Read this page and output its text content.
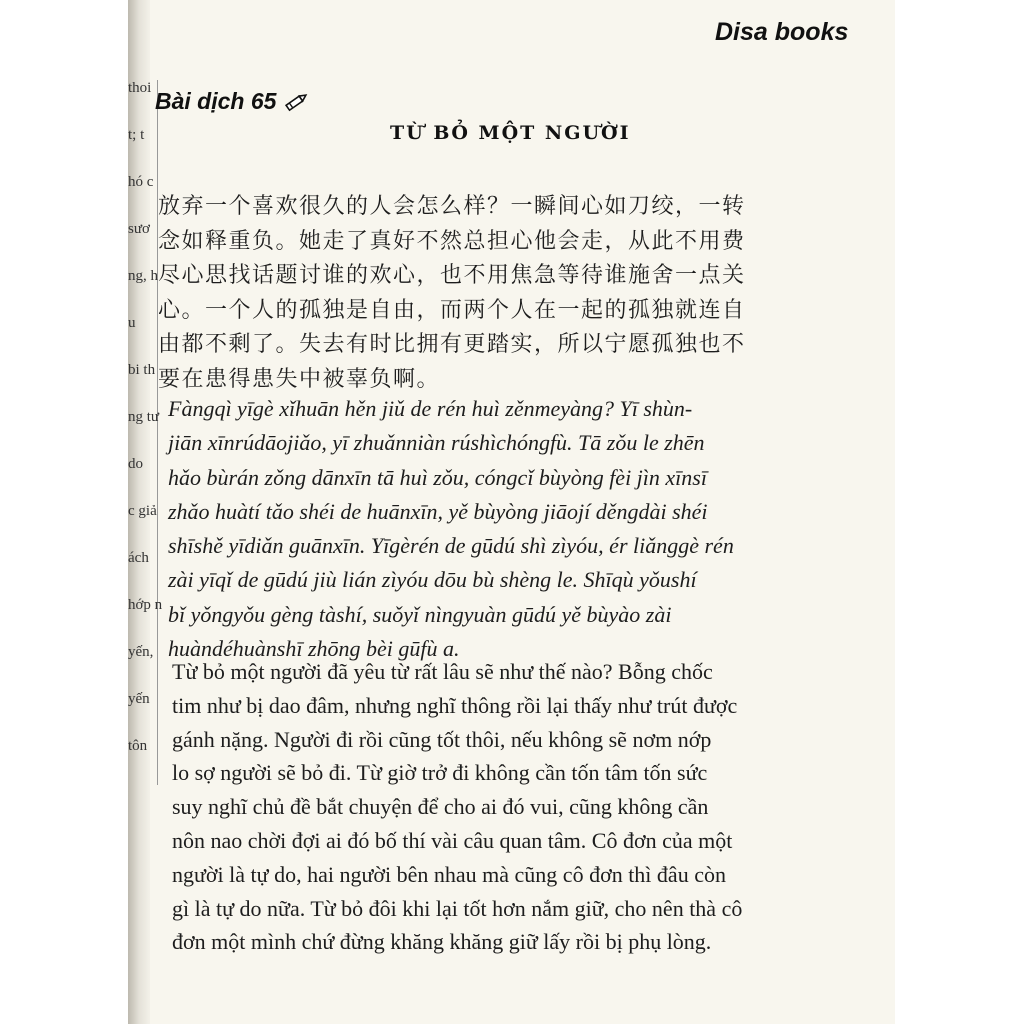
thoi
t; t
hó c
sươ
ng, h
u
bi th
ng tư
do
c giả
ách
hớp n
yến,
yến
tôn
Disa books
Bài dịch 65
TỪ BỎ MỘT NGƯỜI
放弃一个喜欢很久的人会怎么样？一瞬间心如刀绞，一转
念如释重负。她走了真好不然总担心他会走，从此不用费
尽心思找话题讨谁的欢心，也不用焦急等待谁施舍一点关
心。一个人的孤独是自由，而两个人在一起的孤独就连自
由都不剩了。失去有时比拥有更踏实，所以宁愿孤独也不
要在患得患失中被辜负啊。
Fàngqì yīgè xǐhuān hěn jiǔ de rén huì zěnmeyàng? Yī shùn-
jiān xīnrúdāojiǎo, yī zhuǎnniàn rúshìchóngfù. Tā zǒu le zhēn
hǎo bùrán zǒng dānxīn tā huì zǒu, cóngcǐ bùyòng fèi jìn xīnsī
zhǎo huàtí tǎo shéi de huānxīn, yě bùyòng jiāojí děngdài shéi
shīshě yīdiǎn guānxīn. Yīgèrén de gūdú shì zìyóu, ér liǎnggè rén
zài yīqǐ de gūdú jiù lián zìyóu dōu bù shèng le. Shīqù yǒushí
bǐ yǒngyǒu gèng tàshí, suǒyǐ nìngyuàn gūdú yě bùyào zài
huàndéhuànshī zhōng bèi gūfù a.
Từ bỏ một người đã yêu từ rất lâu sẽ như thế nào? Bỗng chốc
tim như bị dao đâm, nhưng nghĩ thông rồi lại thấy như trút được
gánh nặng. Người đi rồi cũng tốt thôi, nếu không sẽ nơm nớp
lo sợ người sẽ bỏ đi. Từ giờ trở đi không cần tốn tâm tốn sức
suy nghĩ chủ đề bắt chuyện để cho ai đó vui, cũng không cần
nôn nao chời đợi ai đó bố thí vài câu quan tâm. Cô đơn của một
người là tự do, hai người bên nhau mà cũng cô đơn thì đâu còn
gì là tự do nữa. Từ bỏ đôi khi lại tốt hơn nắm giữ, cho nên thà cô
đơn một mình chứ đừng khăng khăng giữ lấy rồi bị phụ lòng.
